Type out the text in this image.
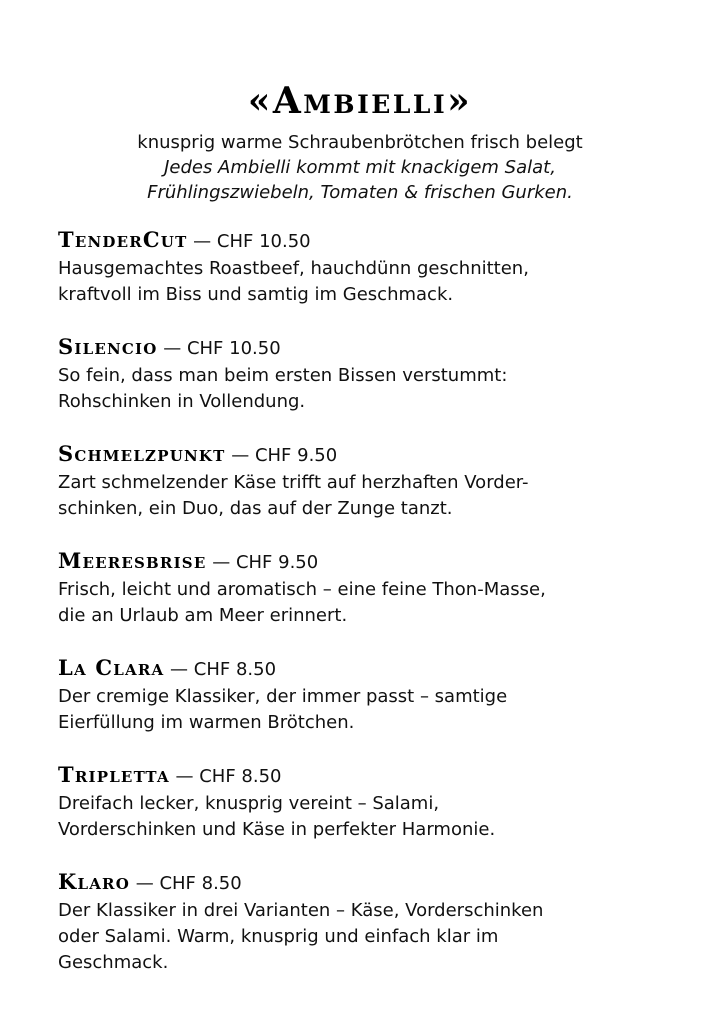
«Ambielli»
knusprig warme Schraubenbrötchen frisch belegt
Jedes Ambielli kommt mit knackigem Salat,
Frühlingszwiebeln, Tomaten & frischen Gurken.
TenderCut — CHF 10.50
Hausgemachtes Roastbeef, hauchdünn geschnitten,
kraftvoll im Biss und samtig im Geschmack.
Silencio — CHF 10.50
So fein, dass man beim ersten Bissen verstummt:
Rohschinken in Vollendung.
Schmelzpunkt — CHF 9.50
Zart schmelzender Käse trifft auf herzhaften Vorder-
schinken, ein Duo, das auf der Zunge tanzt.
Meeresbrise — CHF 9.50
Frisch, leicht und aromatisch – eine feine Thon-Masse,
die an Urlaub am Meer erinnert.
La Clara — CHF 8.50
Der cremige Klassiker, der immer passt – samtige
Eierfüllung im warmen Brötchen.
Tripletta — CHF 8.50
Dreifach lecker, knusprig vereint – Salami,
Vorderschinken und Käse in perfekter Harmonie.
Klaro — CHF 8.50
Der Klassiker in drei Varianten – Käse, Vorderschinken
oder Salami. Warm, knusprig und einfach klar im
Geschmack.
